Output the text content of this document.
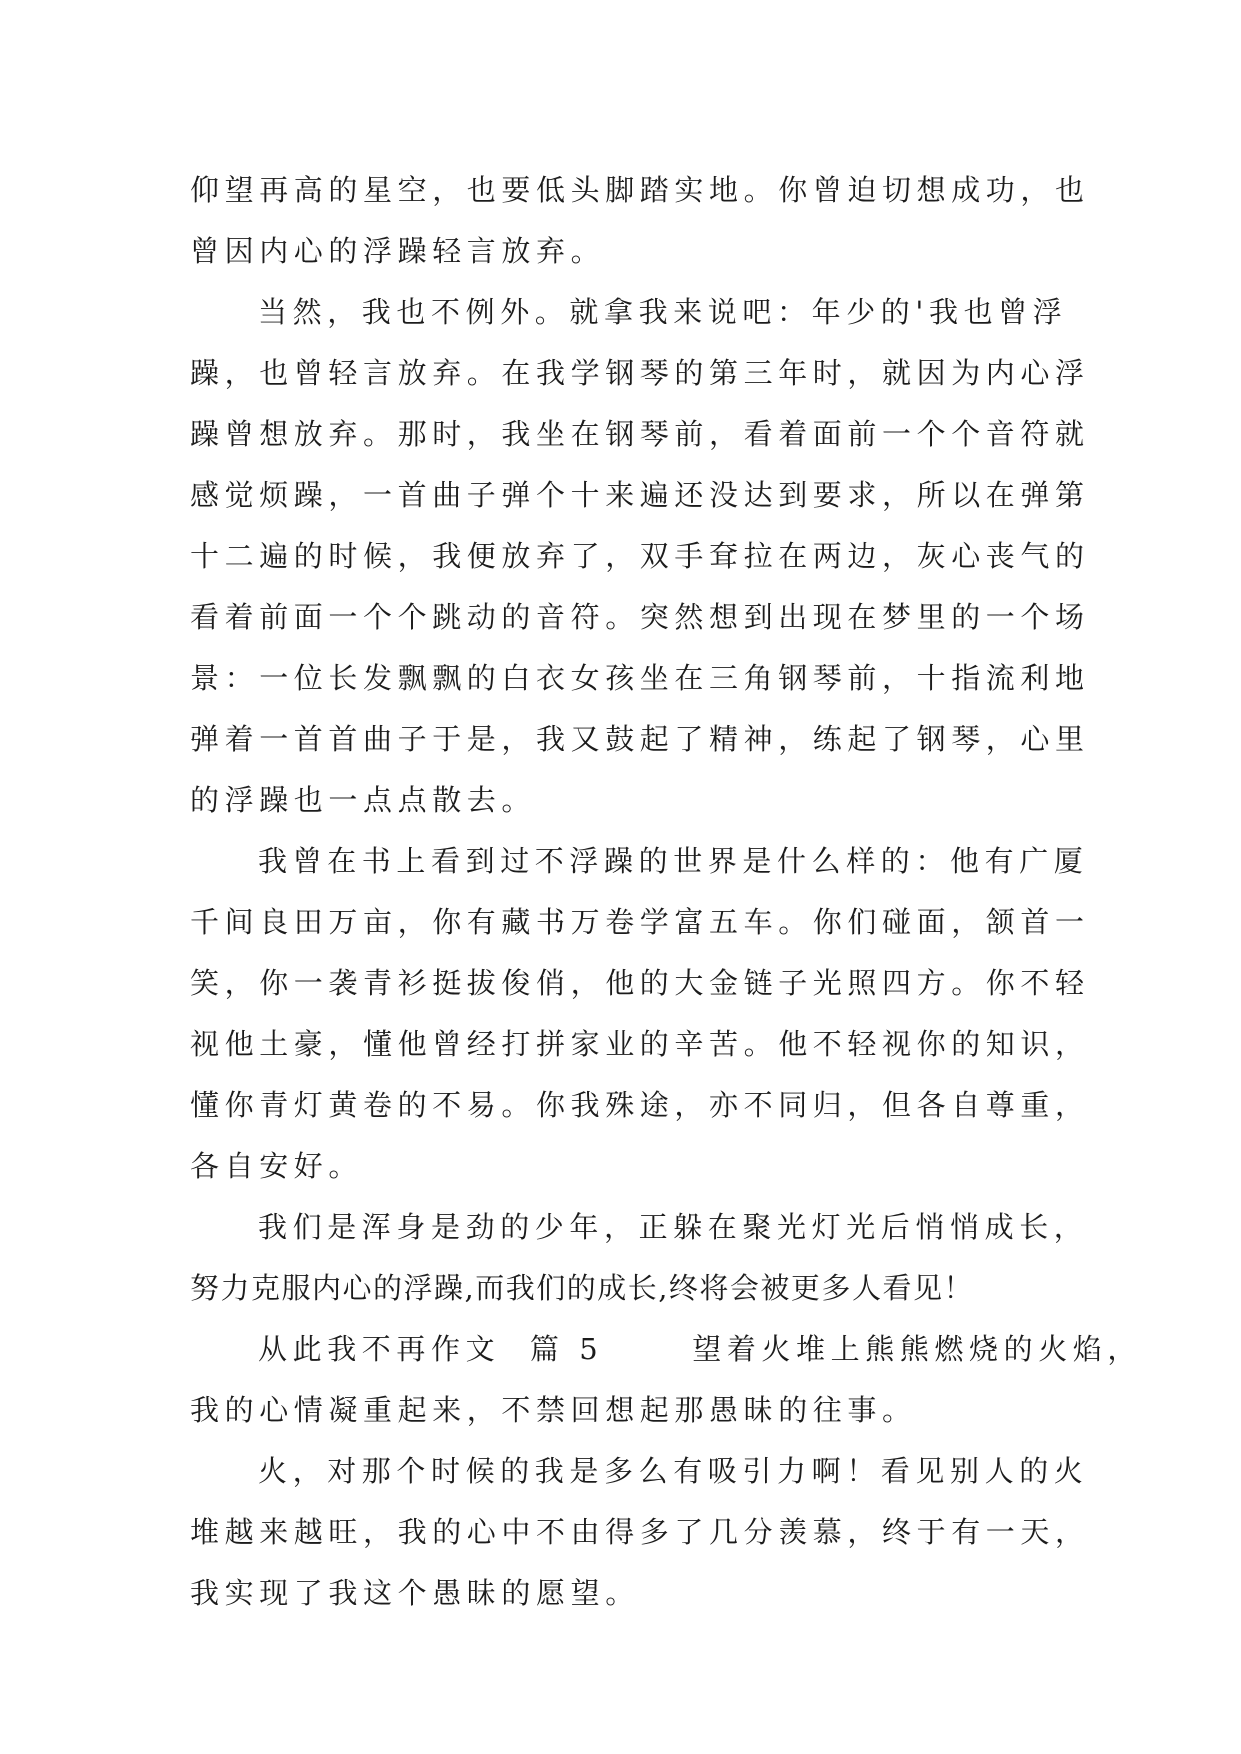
仰望再高的星空，也要低头脚踏实地。你曾迫切想成功，也
曾因内心的浮躁轻言放弃。
当然，我也不例外。就拿我来说吧：年少的'我也曾浮
躁，也曾轻言放弃。在我学钢琴的第三年时，就因为内心浮
躁曾想放弃。那时，我坐在钢琴前，看着面前一个个音符就
感觉烦躁，一首曲子弹个十来遍还没达到要求，所以在弹第
十二遍的时候，我便放弃了，双手耷拉在两边，灰心丧气的
看着前面一个个跳动的音符。突然想到出现在梦里的一个场
景：一位长发飘飘的白衣女孩坐在三角钢琴前，十指流利地
弹着一首首曲子于是，我又鼓起了精神，练起了钢琴，心里
的浮躁也一点点散去。
我曾在书上看到过不浮躁的世界是什么样的：他有广厦
千间良田万亩，你有藏书万卷学富五车。你们碰面，颔首一
笑，你一袭青衫挺拔俊俏，他的大金链子光照四方。你不轻
视他土豪，懂他曾经打拼家业的辛苦。他不轻视你的知识，
懂你青灯黄卷的不易。你我殊途，亦不同归，但各自尊重，
各自安好。
我们是浑身是劲的少年，正躲在聚光灯光后悄悄成长，
努力克服内心的浮躁,而我们的成长,终将会被更多人看见！
从此我不再作文  篇 5      望着火堆上熊熊燃烧的火焰，
我的心情凝重起来，不禁回想起那愚昧的往事。
火，对那个时候的我是多么有吸引力啊！看见别人的火
堆越来越旺，我的心中不由得多了几分羡慕，终于有一天，
我实现了我这个愚昧的愿望。
